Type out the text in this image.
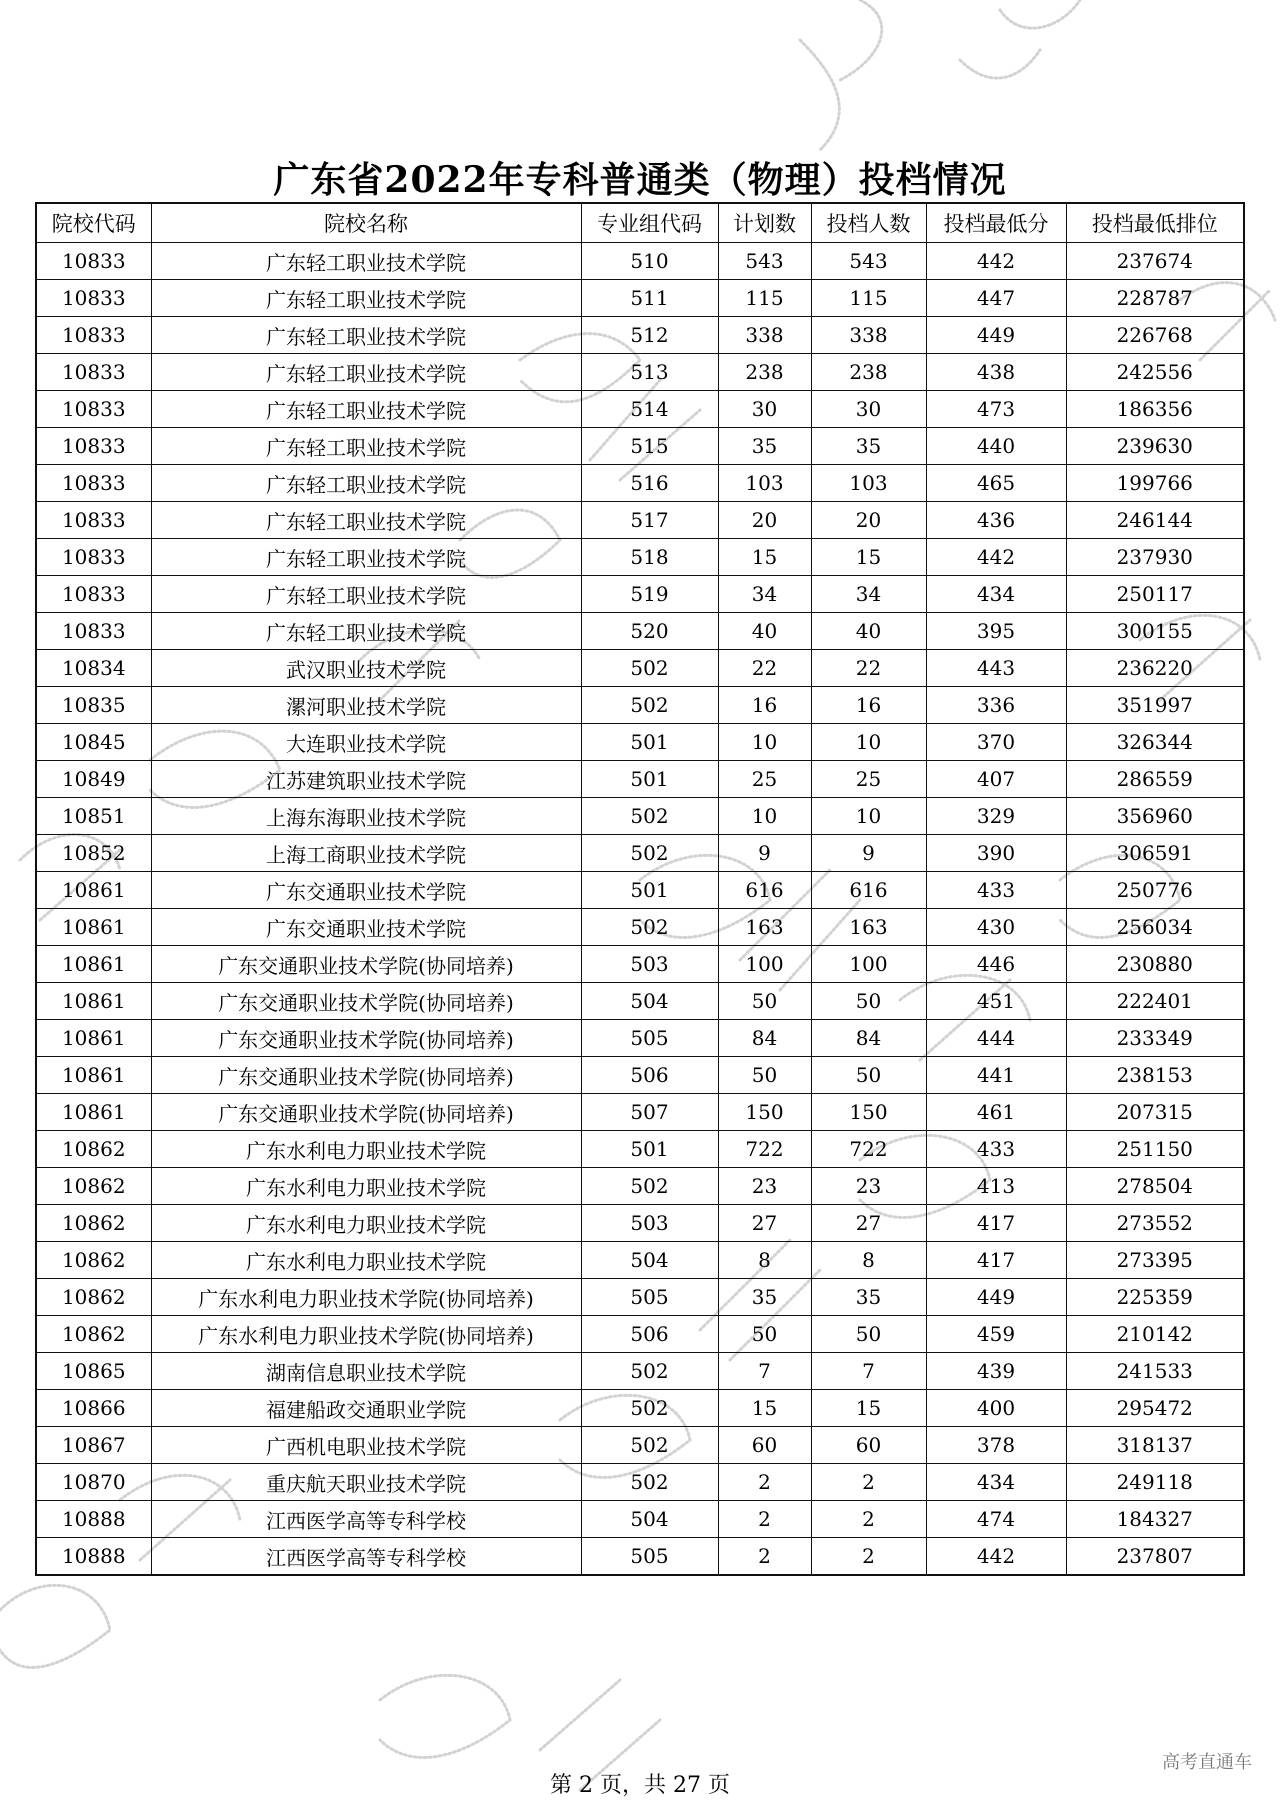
广东省2022年专科普通类（物理）投档情况
院校代码	院校名称	专业组代码	计划数	投档人数	投档最低分	投档最低排位
10833	广东轻工职业技术学院	510	543	543	442	237674
10833	广东轻工职业技术学院	511	115	115	447	228787
10833	广东轻工职业技术学院	512	338	338	449	226768
10833	广东轻工职业技术学院	513	238	238	438	242556
10833	广东轻工职业技术学院	514	30	30	473	186356
10833	广东轻工职业技术学院	515	35	35	440	239630
10833	广东轻工职业技术学院	516	103	103	465	199766
10833	广东轻工职业技术学院	517	20	20	436	246144
10833	广东轻工职业技术学院	518	15	15	442	237930
10833	广东轻工职业技术学院	519	34	34	434	250117
10833	广东轻工职业技术学院	520	40	40	395	300155
10834	武汉职业技术学院	502	22	22	443	236220
10835	漯河职业技术学院	502	16	16	336	351997
10845	大连职业技术学院	501	10	10	370	326344
10849	江苏建筑职业技术学院	501	25	25	407	286559
10851	上海东海职业技术学院	502	10	10	329	356960
10852	上海工商职业技术学院	502	9	9	390	306591
10861	广东交通职业技术学院	501	616	616	433	250776
10861	广东交通职业技术学院	502	163	163	430	256034
10861	广东交通职业技术学院(协同培养)	503	100	100	446	230880
10861	广东交通职业技术学院(协同培养)	504	50	50	451	222401
10861	广东交通职业技术学院(协同培养)	505	84	84	444	233349
10861	广东交通职业技术学院(协同培养)	506	50	50	441	238153
10861	广东交通职业技术学院(协同培养)	507	150	150	461	207315
10862	广东水利电力职业技术学院	501	722	722	433	251150
10862	广东水利电力职业技术学院	502	23	23	413	278504
10862	广东水利电力职业技术学院	503	27	27	417	273552
10862	广东水利电力职业技术学院	504	8	8	417	273395
10862	广东水利电力职业技术学院(协同培养)	505	35	35	449	225359
10862	广东水利电力职业技术学院(协同培养)	506	50	50	459	210142
10865	湖南信息职业技术学院	502	7	7	439	241533
10866	福建船政交通职业学院	502	15	15	400	295472
10867	广西机电职业技术学院	502	60	60	378	318137
10870	重庆航天职业技术学院	502	2	2	434	249118
10888	江西医学高等专科学校	504	2	2	474	184327
10888	江西医学高等专科学校	505	2	2	442	237807

第 2 页，共 27 页

高考直通车
